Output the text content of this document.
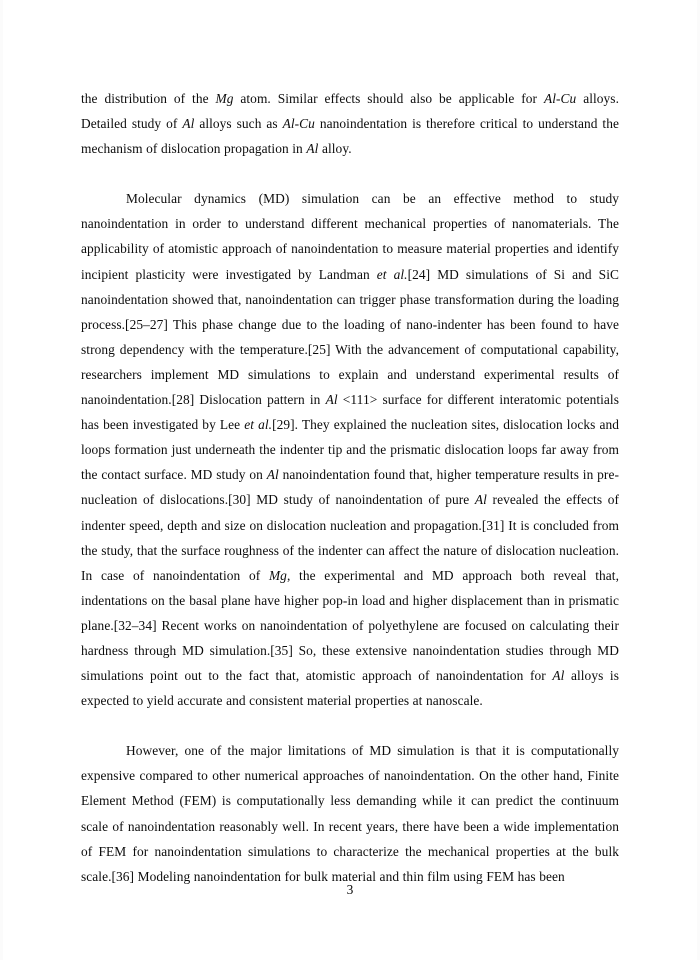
the distribution of the Mg atom. Similar effects should also be applicable for Al-Cu alloys. Detailed study of Al alloys such as Al-Cu nanoindentation is therefore critical to understand the mechanism of dislocation propagation in Al alloy.

Molecular dynamics (MD) simulation can be an effective method to study nanoindentation in order to understand different mechanical properties of nanomaterials. The applicability of atomistic approach of nanoindentation to measure material properties and identify incipient plasticity were investigated by Landman et al.[24] MD simulations of Si and SiC nanoindentation showed that, nanoindentation can trigger phase transformation during the loading process.[25–27] This phase change due to the loading of nano-indenter has been found to have strong dependency with the temperature.[25] With the advancement of computational capability, researchers implement MD simulations to explain and understand experimental results of nanoindentation.[28] Dislocation pattern in Al <111> surface for different interatomic potentials has been investigated by Lee et al.[29]. They explained the nucleation sites, dislocation locks and loops formation just underneath the indenter tip and the prismatic dislocation loops far away from the contact surface. MD study on Al nanoindentation found that, higher temperature results in pre-nucleation of dislocations.[30] MD study of nanoindentation of pure Al revealed the effects of indenter speed, depth and size on dislocation nucleation and propagation.[31] It is concluded from the study, that the surface roughness of the indenter can affect the nature of dislocation nucleation. In case of nanoindentation of Mg, the experimental and MD approach both reveal that, indentations on the basal plane have higher pop-in load and higher displacement than in prismatic plane.[32–34] Recent works on nanoindentation of polyethylene are focused on calculating their hardness through MD simulation.[35] So, these extensive nanoindentation studies through MD simulations point out to the fact that, atomistic approach of nanoindentation for Al alloys is expected to yield accurate and consistent material properties at nanoscale.

However, one of the major limitations of MD simulation is that it is computationally expensive compared to other numerical approaches of nanoindentation. On the other hand, Finite Element Method (FEM) is computationally less demanding while it can predict the continuum scale of nanoindentation reasonably well. In recent years, there have been a wide implementation of FEM for nanoindentation simulations to characterize the mechanical properties at the bulk scale.[36] Modeling nanoindentation for bulk material and thin film using FEM has been

3
